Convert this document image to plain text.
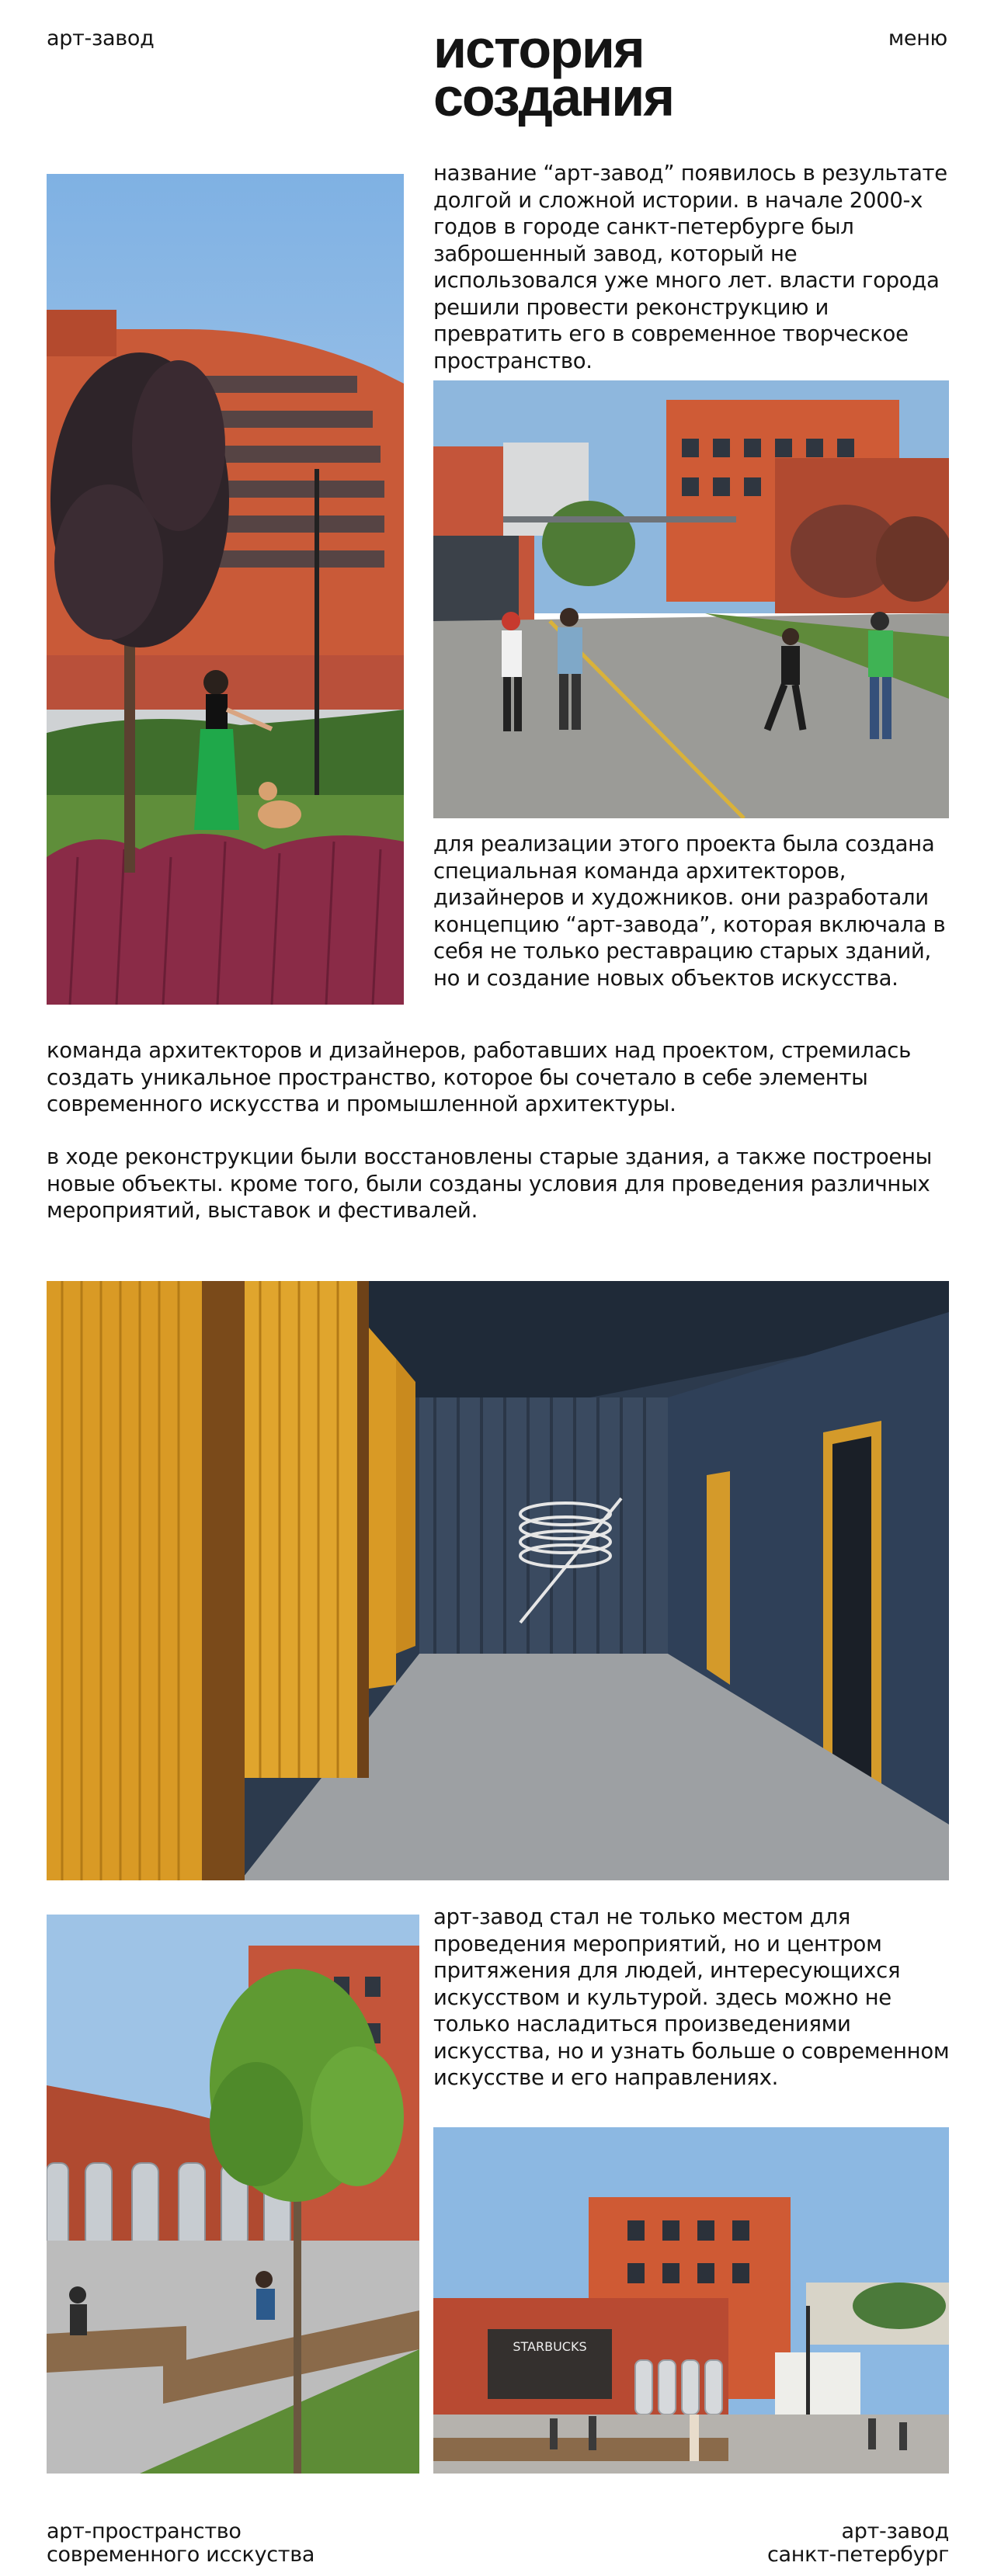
арт-завод	меню
история
создания

название “арт-завод” появилось в результате долгой и сложной истории. в начале 2000-х годов в городе санкт-петербурге был заброшенный завод, который не использовался уже много лет. власти города решили провести реконструкцию и превратить его в современное творческое пространство.

для реализации этого проекта была создана специальная команда архитекторов, дизайнеров и художников. они разработали концепцию “арт-завода”, которая включала в себя не только реставрацию старых зданий, но и создание новых объектов искусства.

команда архитекторов и дизайнеров, работавших над проектом, стремилась создать уникальное пространство, которое бы сочетало в себе элементы современного искусства и промышленной архитектуры.

в ходе реконструкции были восстановлены старые здания, а также построены новые объекты. кроме того, были созданы условия для проведения различных мероприятий, выставок и фестивалей.

арт-завод стал не только местом для проведения мероприятий, но и центром притяжения для людей, интересующихся искусством и культурой. здесь можно не только насладиться произведениями искусства, но и узнать больше о современном искусстве и его направлениях.

STARBUCKS
арт-пространство
современного исскуства
арт-завод
санкт-петербург
